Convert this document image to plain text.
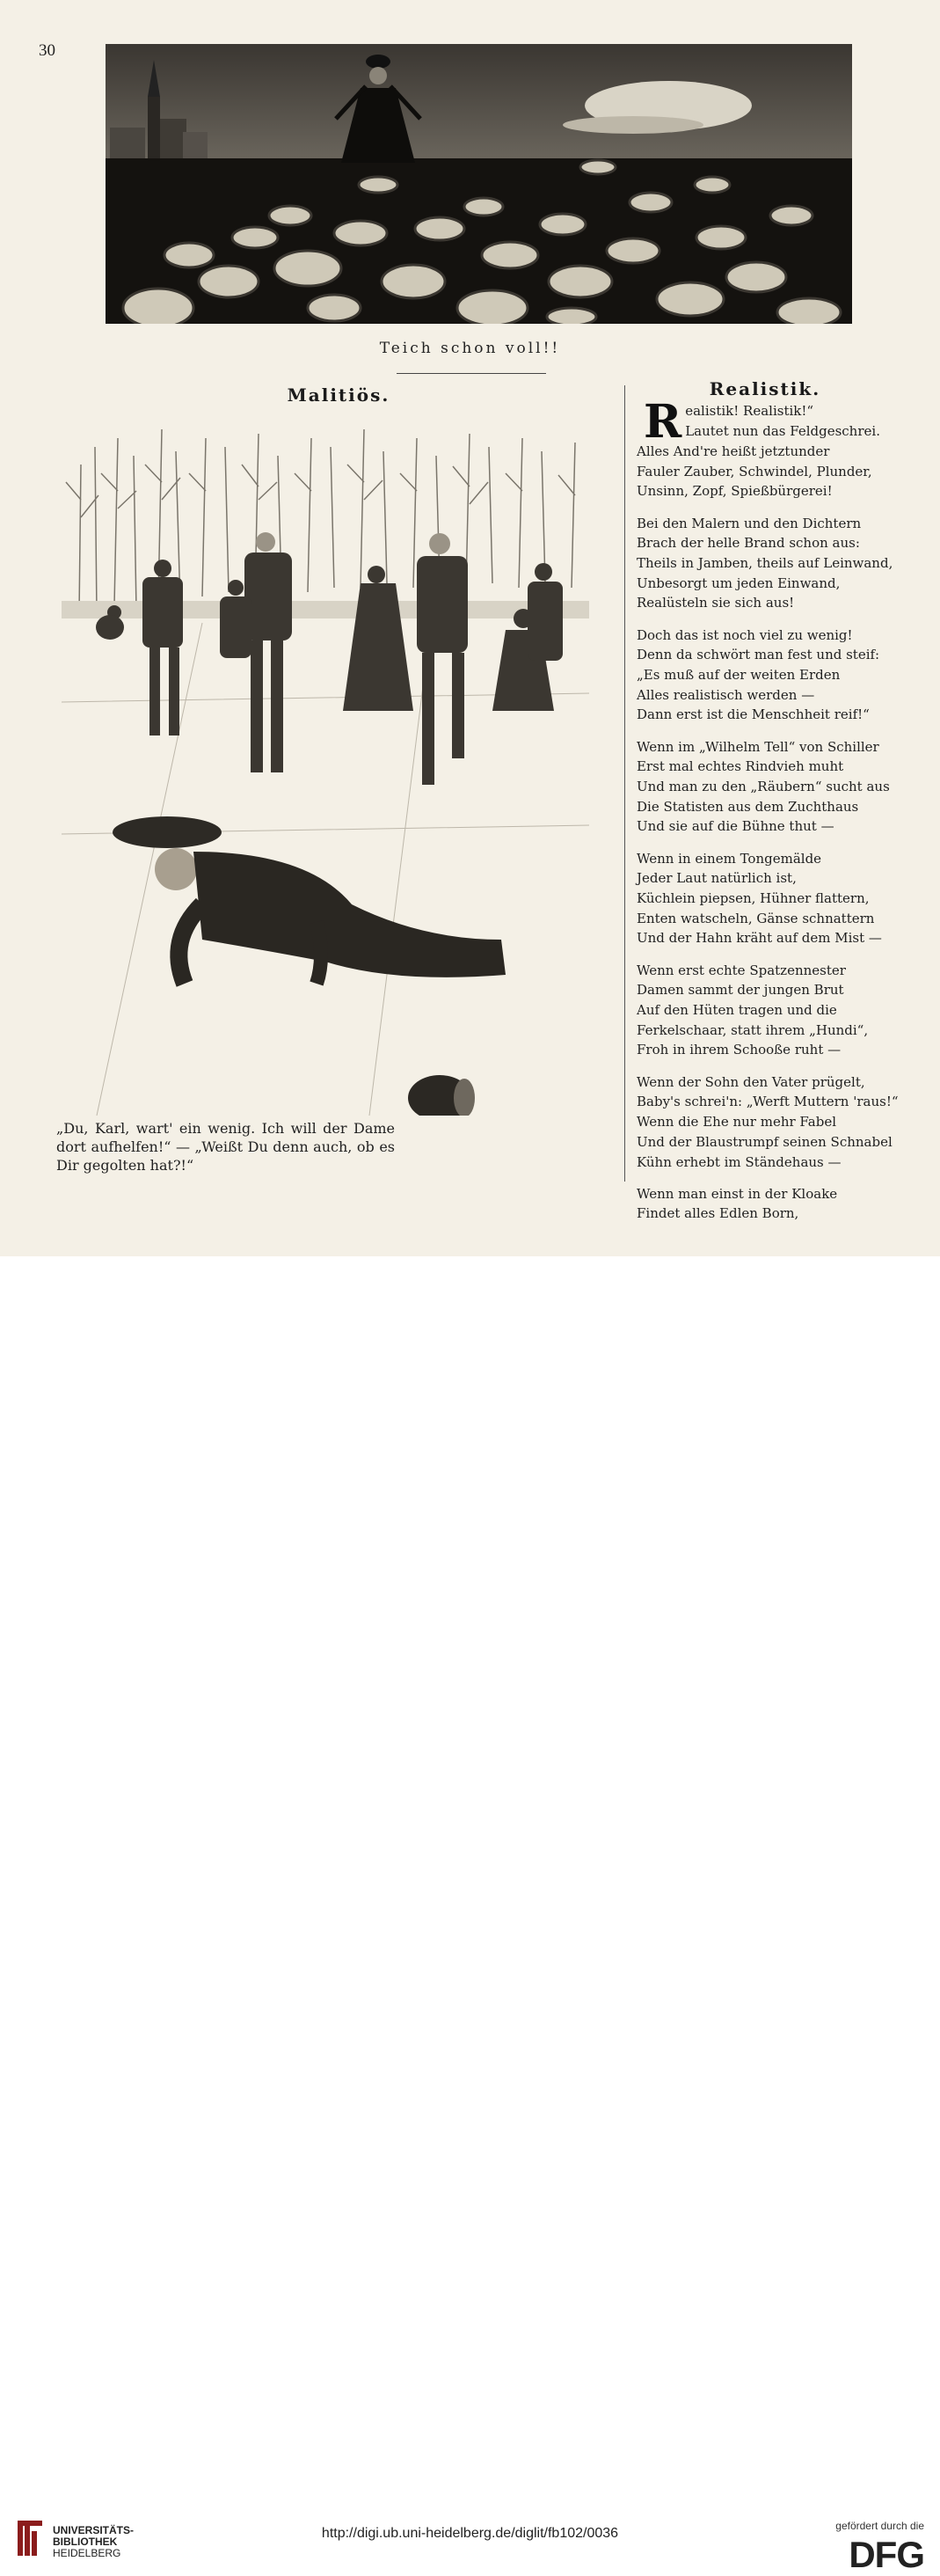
30
Teich schon voll!!
Malitiös.	Realistik.
„Du, Karl, wart' ein wenig. Ich will der Dame dort aufhelfen!“ — „Weißt Du denn auch, ob es Dir gegolten hat?!“
R ealistik! Realistik!“
Lautet nun das Feldgeschrei.
Alles And're heißt jetztunder
Fauler Zauber, Schwindel, Plunder,
Unsinn, Zopf, Spießbürgerei!
Bei den Malern und den Dichtern
Brach der helle Brand schon aus:
Theils in Jamben, theils auf Leinwand,
Unbesorgt um jeden Einwand,
Realüsteln sie sich aus!
Doch das ist noch viel zu wenig!
Denn da schwört man fest und steif:
„Es muß auf der weiten Erden
Alles realistisch werden —
Dann erst ist die Menschheit reif!“
Wenn im „Wilhelm Tell“ von Schiller
Erst mal echtes Rindvieh muht
Und man zu den „Räubern“ sucht aus
Die Statisten aus dem Zuchthaus
Und sie auf die Bühne thut —
Wenn in einem Tongemälde
Jeder Laut natürlich ist,
Küchlein piepsen, Hühner flattern,
Enten watscheln, Gänse schnattern
Und der Hahn kräht auf dem Mist —
Wenn erst echte Spatzennester
Damen sammt der jungen Brut
Auf den Hüten tragen und die
Ferkelschaar, statt ihrem „Hundi“,
Froh in ihrem Schooße ruht —
Wenn der Sohn den Vater prügelt,
Baby's schrei'n: „Werft Muttern 'raus!“
Wenn die Ehe nur mehr Fabel
Und der Blaustrumpf seinen Schnabel
Kühn erhebt im Ständehaus —
Wenn man einst in der Kloake
Findet alles Edlen Born,
UNIVERSITÄTS-
BIBLIOTHEK
HEIDELBERG
http://digi.ub.uni-heidelberg.de/diglit/fb102/0036	gefördert durch die
DFG
